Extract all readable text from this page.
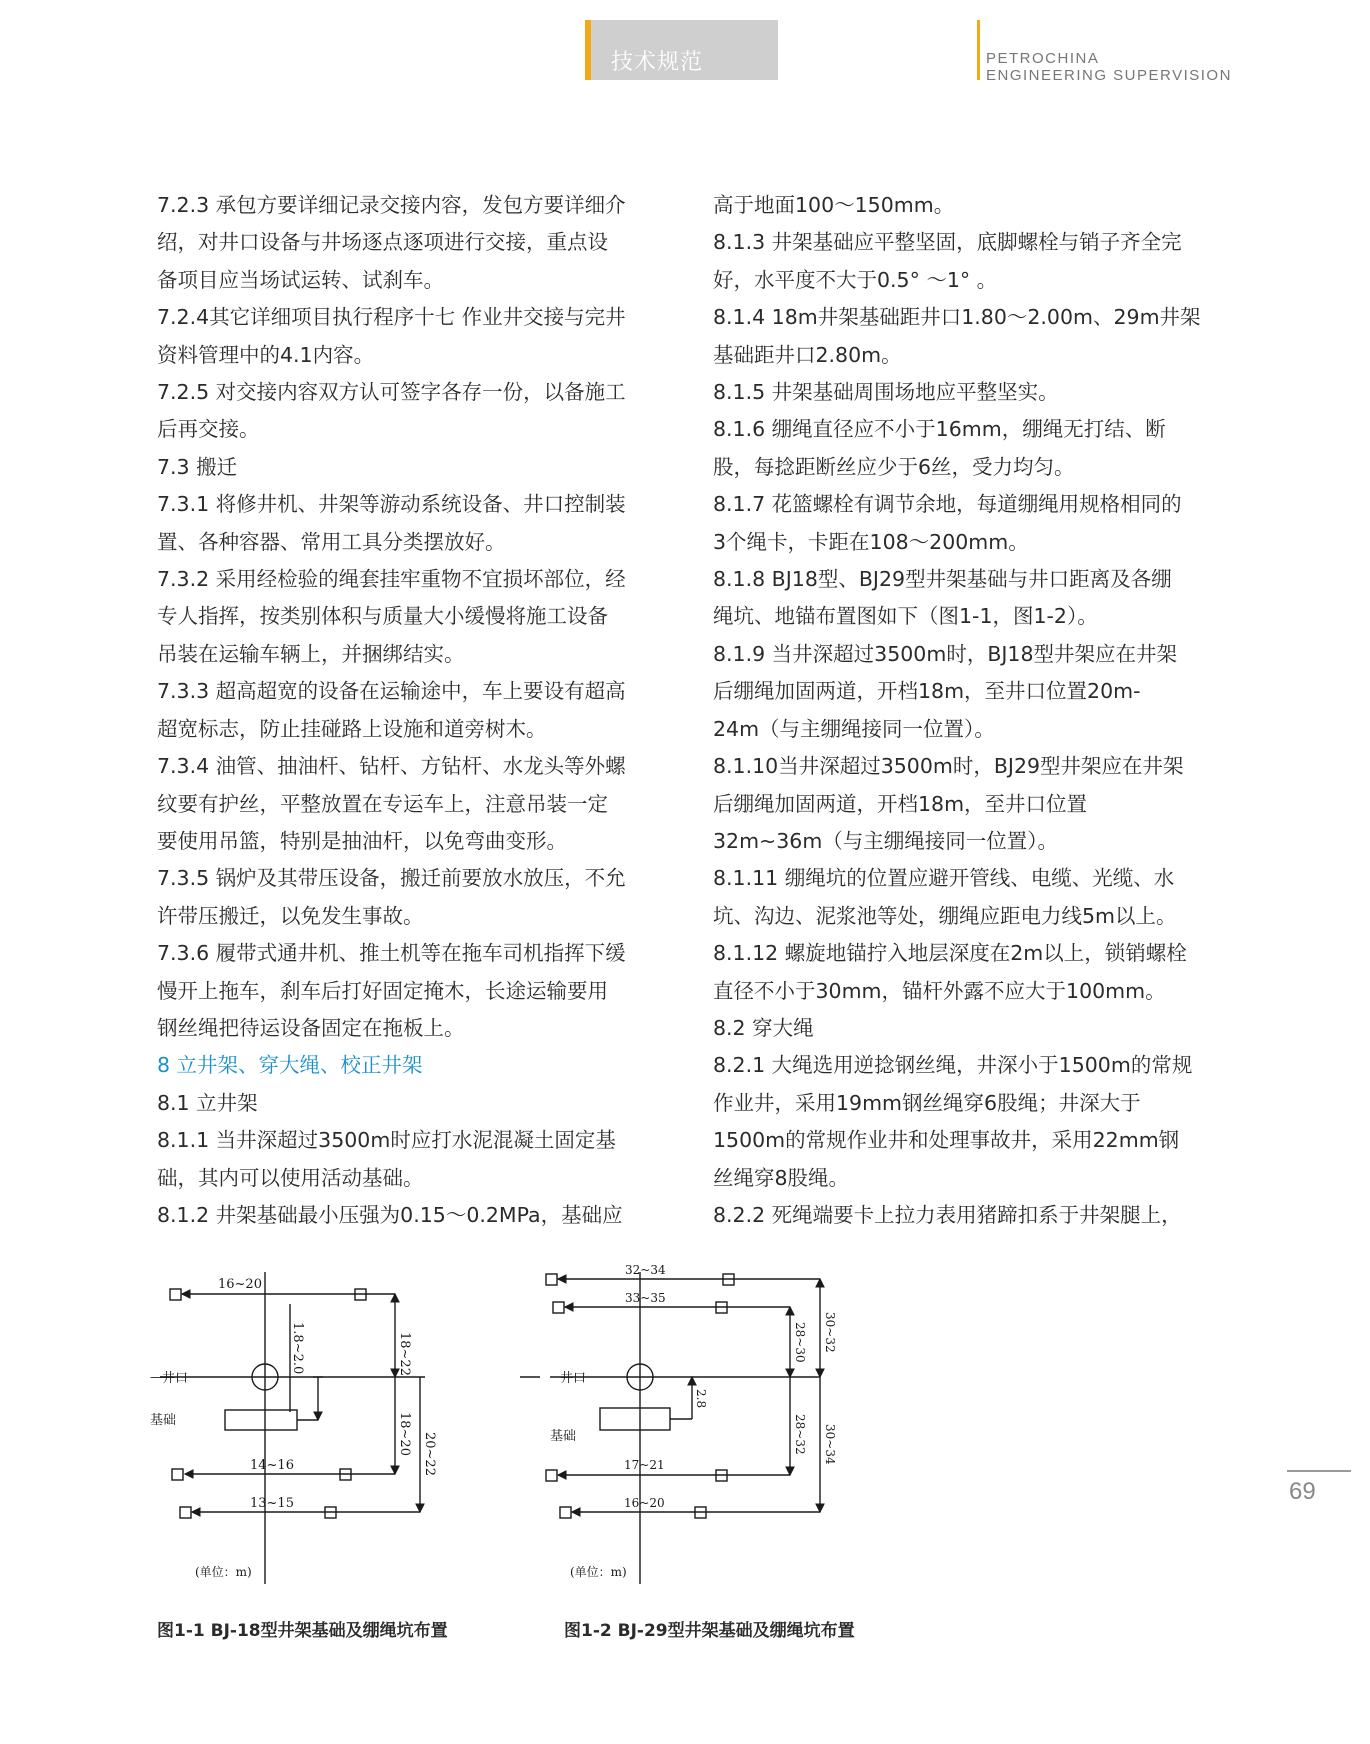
技术规范	PETROCHINA
ENGINEERING SUPERVISION

7.2.3 承包方要详细记录交接内容，发包方要详细介

绍，对井口设备与井场逐点逐项进行交接，重点设

备项目应当场试运转、试刹车。

7.2.4其它详细项目执行程序十七 作业井交接与完井

资料管理中的4.1内容。

7.2.5 对交接内容双方认可签字各存一份，以备施工

后再交接。

7.3 搬迁

7.3.1 将修井机、井架等游动系统设备、井口控制装

置、各种容器、常用工具分类摆放好。

7.3.2 采用经检验的绳套挂牢重物不宜损坏部位，经

专人指挥，按类别体积与质量大小缓慢将施工设备

吊装在运输车辆上，并捆绑结实。

7.3.3 超高超宽的设备在运输途中，车上要设有超高

超宽标志，防止挂碰路上设施和道旁树木。

7.3.4 油管、抽油杆、钻杆、方钻杆、水龙头等外螺

纹要有护丝，平整放置在专运车上，注意吊装一定

要使用吊篮，特别是抽油杆，以免弯曲变形。

7.3.5 锅炉及其带压设备，搬迁前要放水放压，不允

许带压搬迁，以免发生事故。

7.3.6 履带式通井机、推土机等在拖车司机指挥下缓

慢开上拖车，刹车后打好固定掩木，长途运输要用

钢丝绳把待运设备固定在拖板上。

8 立井架、穿大绳、校正井架

8.1 立井架

8.1.1 当井深超过3500m时应打水泥混凝土固定基

础，其内可以使用活动基础。

8.1.2 井架基础最小压强为0.15～0.2MPa，基础应

高于地面100～150mm。

8.1.3 井架基础应平整坚固，底脚螺栓与销子齐全完

好，水平度不大于0.5° ～1° 。

8.1.4 18m井架基础距井口1.80～2.00m、29m井架

基础距井口2.80m。

8.1.5 井架基础周围场地应平整坚实。

8.1.6 绷绳直径应不小于16mm，绷绳无打结、断

股，每捻距断丝应少于6丝，受力均匀。

8.1.7 花篮螺栓有调节余地，每道绷绳用规格相同的

3个绳卡，卡距在108～200mm。

8.1.8 BJ18型、BJ29型井架基础与井口距离及各绷

绳坑、地锚布置图如下（图1-1，图1-2）。

8.1.9 当井深超过3500m时，BJ18型井架应在井架

后绷绳加固两道，开档18m，至井口位置20m-

24m（与主绷绳接同一位置）。

8.1.10当井深超过3500m时，BJ29型井架应在井架

后绷绳加固两道，开档18m，至井口位置

32m~36m（与主绷绳接同一位置）。

8.1.11 绷绳坑的位置应避开管线、电缆、光缆、水

坑、沟边、泥浆池等处，绷绳应距电力线5m以上。

8.1.12 螺旋地锚拧入地层深度在2m以上，锁销螺栓

直径不小于30mm，锚杆外露不应大于100mm。

8.2 穿大绳

8.2.1 大绳选用逆捻钢丝绳，井深小于1500m的常规

作业井，采用19mm钢丝绳穿6股绳；井深大于

1500m的常规作业井和处理事故井，采用22mm钢

丝绳穿8股绳。

8.2.2 死绳端要卡上拉力表用猪蹄扣系于井架腿上，

69
16~20
18~22
1.8~2.0
井口
—
基础	18~20 20~22
14~16
13~15
(单位：m)
图1-1 BJ-18型井架基础及绷绳坑布置
32~34
33~35
28~30 30~32
井口
基础
2.8
28~32 30~34
17~21
16~20
(单位：m)
图1-2 BJ-29型井架基础及绷绳坑布置
